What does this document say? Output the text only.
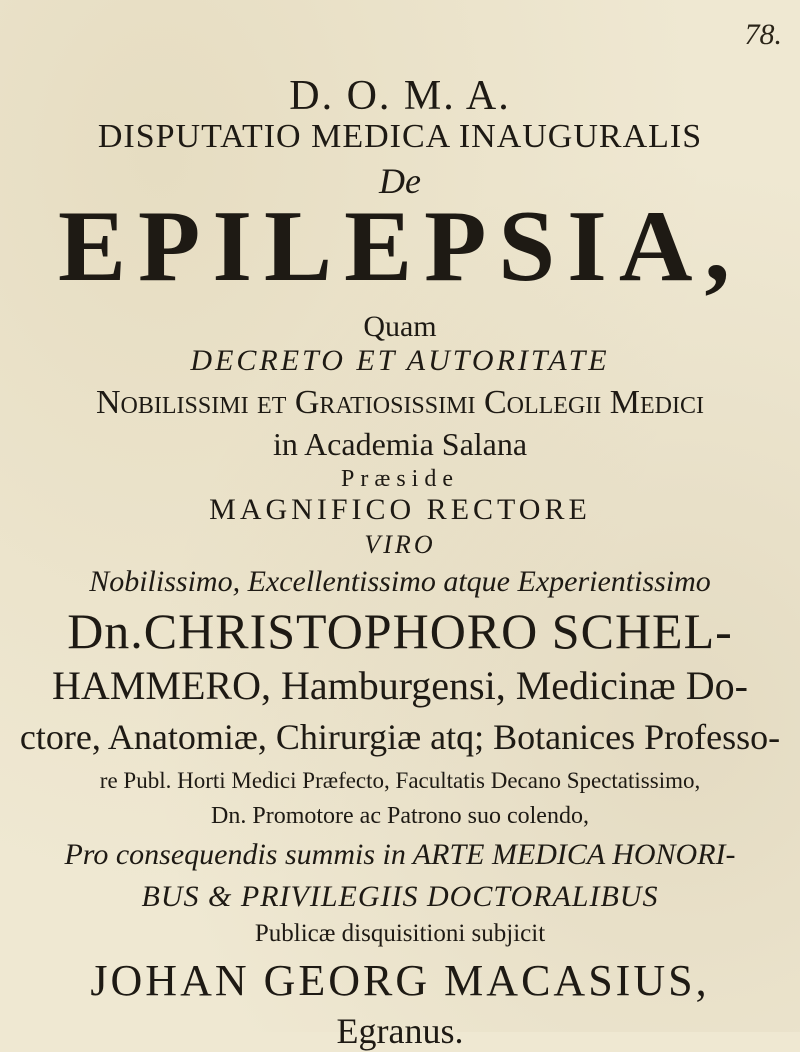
78.
D. O. M. A.
DISPUTATIO MEDICA INAUGURALIS
De
EPILEPSIA,
Quam
DECRETO ET AUTORITATE
Nobilissimi et Gratiosissimi Collegii Medici
in Academia Salana
Præside
MAGNIFICO RECTORE
VIRO
Nobilissimo, Excellentissimo atque Experientissimo
Dn.CHRISTOPHORO SCHEL-
HAMMERO, Hamburgensi, Medicinæ Do-
ctore, Anatomiæ, Chirurgiæ atq; Botanices Professo-
re Publ. Horti Medici Præfecto, Facultatis Decano Spectatissimo,
Dn. Promotore ac Patrono suo colendo,
Pro consequendis summis in ARTE MEDICA HONORI-
BUS & PRIVILEGIIS DOCTORALIBUS
Publicæ disquisitioni subjicit
JOHAN GEORG MACASIUS,
Egranus.
